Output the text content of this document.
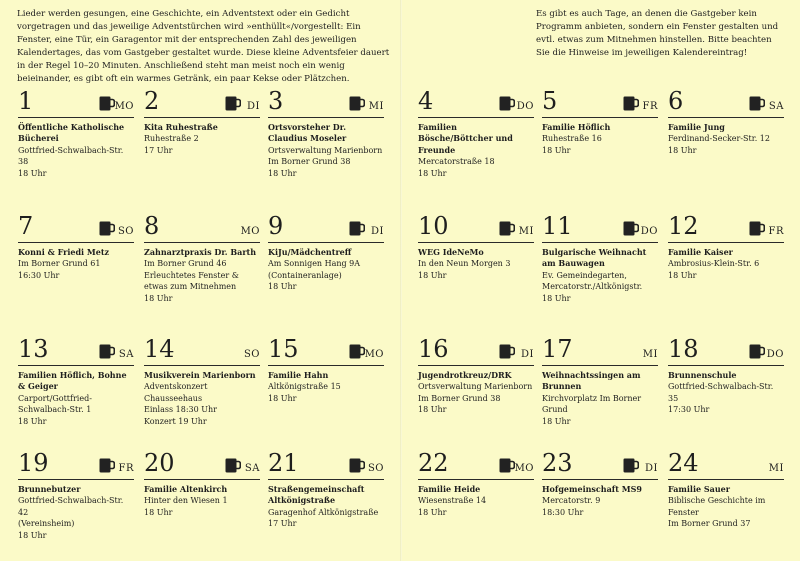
Lieder werden gesungen, eine Geschichte, ein Adventstext oder ein Gedicht vorgetragen und das jeweilige Adventstürchen wird »enthüllt«/vorgestellt: Ein Fenster, eine Tür, ein Garagentor mit der entsprechenden Zahl des jeweiligen Kalendertages, das vom Gastgeber gestaltet wurde. Diese kleine Adventsfeier dauert in der Regel 10–20 Minuten. Anschließend steht man meist noch ein wenig beieinander, es gibt oft ein warmes Getränk, ein paar Kekse oder Plätzchen.

Es gibt es auch Tage, an denen die Gastgeber kein Programm anbieten, sondern ein Fenster gestalten und evtl. etwas zum Mitnehmen hinstellen. Bitte beachten Sie die Hinweise im jeweiligen Kalendereintrag!

1	MO
Öffentliche Katholische Bücherei
Gottfried-Schwalbach-Str. 38
18 Uhr
2	DI
Kita Ruhestraße
Ruhestraße 2
17 Uhr
3	MI
Ortsvorsteher Dr. Claudius Moseler
Ortsverwaltung Marienborn
Im Borner Grund 38
18 Uhr
4	DO
Familien Bösche/Böttcher und Freunde
Mercatorstraße 18
18 Uhr
5	FR
Familie Höflich
Ruhestraße 16
18 Uhr
6	SA
Familie Jung
Ferdinand-Secker-Str. 12
18 Uhr
7	SO
Konni & Friedi Metz
Im Borner Grund 61
16:30 Uhr
8	MO
Zahnarztpraxis Dr. Barth
Im Borner Grund 46
Erleuchtetes Fenster &
etwas zum Mitnehmen
18 Uhr
9	DI
KiJu/Mädchentreff
Am Sonnigen Hang 9A
(Containeranlage)
18 Uhr
10	MI
WEG IdeNeMo
In den Neun Morgen 3
18 Uhr
11	DO
Bulgarische Weihnacht am Bauwagen
Ev. Gemeindegarten,
Mercatorstr./Altkönigstr.
18 Uhr
12	FR
Familie Kaiser
Ambrosius-Klein-Str. 6
18 Uhr
13	SA
Familien Höflich, Bohne & Geiger
Carport/Gottfried-
Schwalbach-Str. 1
18 Uhr
14	SO
Musikverein Marienborn
Adventskonzert
Chausseehaus
Einlass 18:30 Uhr
Konzert 19 Uhr
15	MO
Familie Hahn
Altkönigstraße 15
18 Uhr
16	DI
Jugendrotkreuz/DRK
Ortsverwaltung Marienborn
Im Borner Grund 38
18 Uhr
17	MI
Weihnachtssingen am Brunnen
Kirchvorplatz Im Borner
Grund
18 Uhr
18	DO
Brunnenschule
Gottfried-Schwalbach-Str. 35
17:30 Uhr
19	FR
Brunnebutzer
Gottfried-Schwalbach-Str. 42
(Vereinsheim)
18 Uhr
20	SA
Familie Altenkirch
Hinter den Wiesen 1
18 Uhr
21	SO
Straßengemeinschaft Altkönigstraße
Garagenhof Altkönigstraße
17 Uhr
22	MO
Familie Heide
Wiesenstraße 14
18 Uhr
23	DI
Hofgemeinschaft MS9
Mercatorstr. 9
18:30 Uhr
24	MI
Familie Sauer
Biblische Geschichte im
Fenster
Im Borner Grund 37
